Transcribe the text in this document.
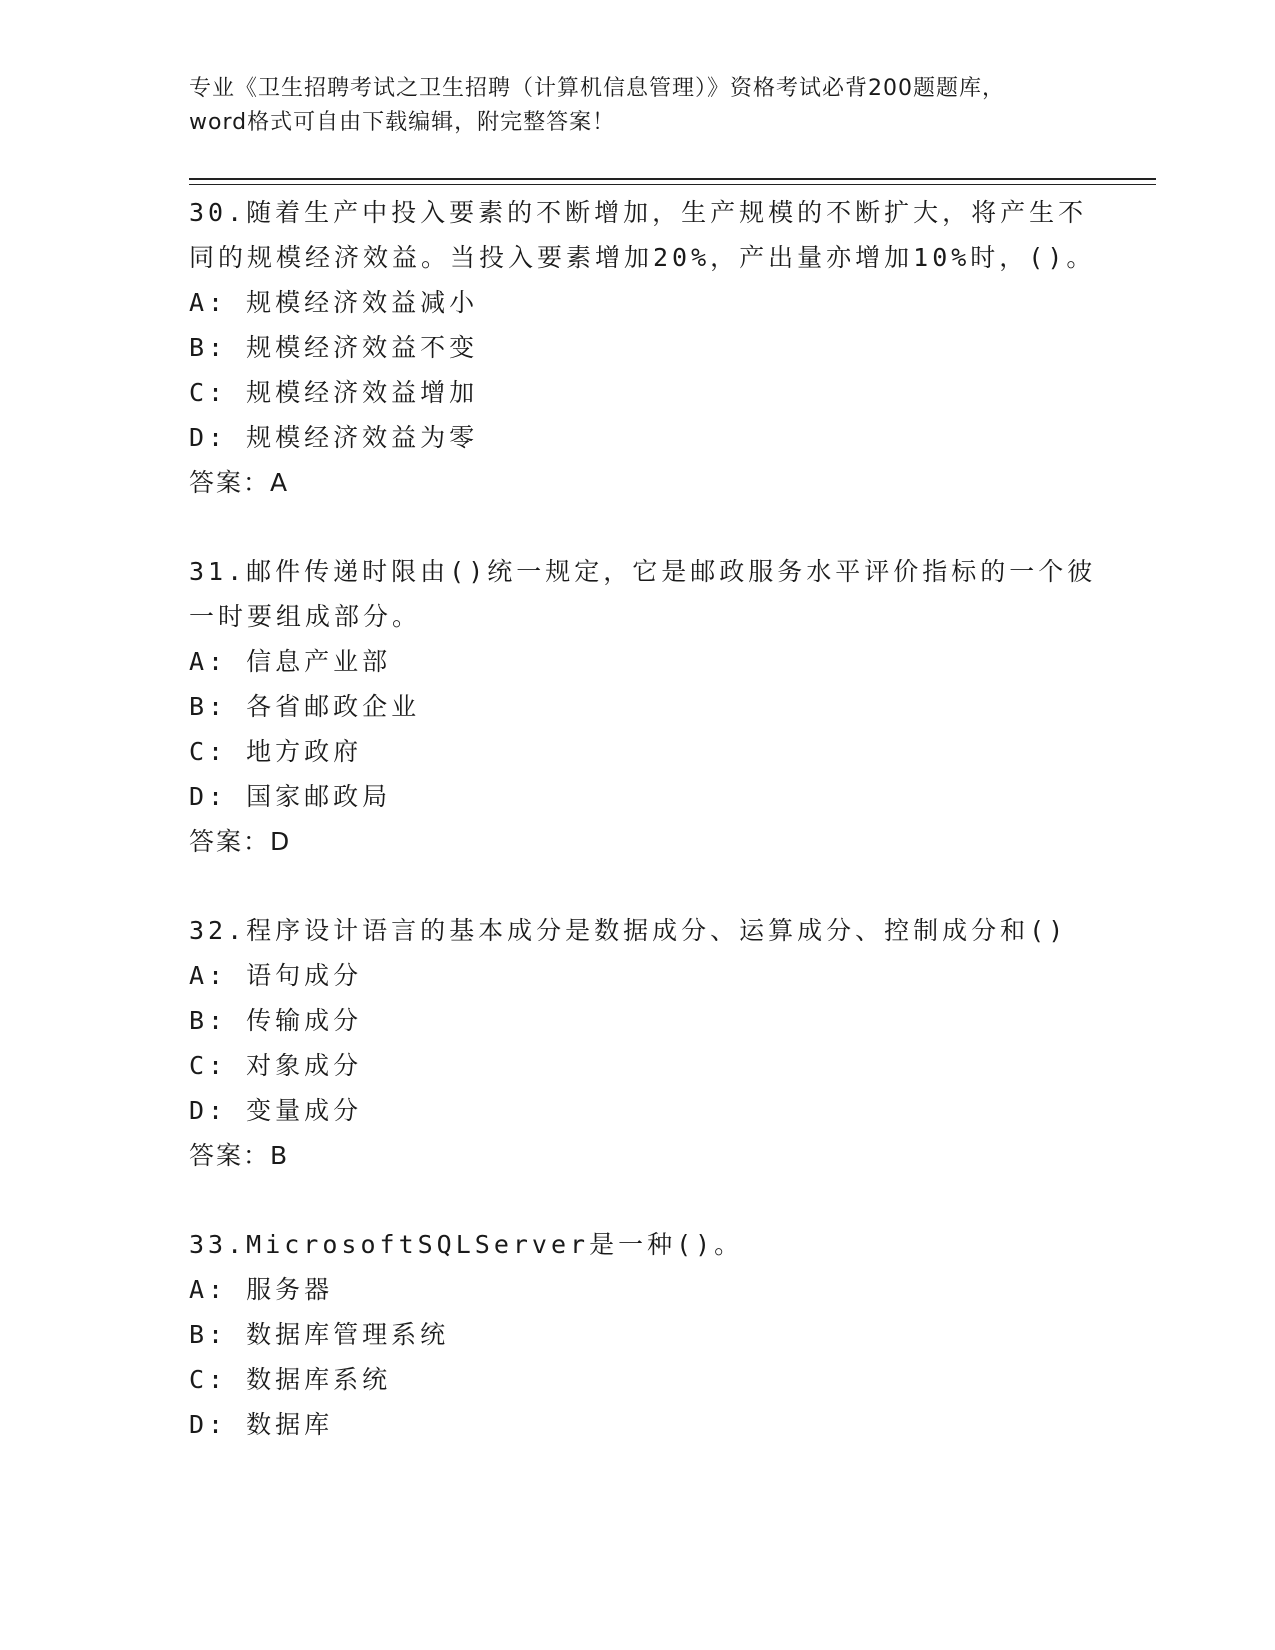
专业《卫生招聘考试之卫生招聘（计算机信息管理）》资格考试必背200题题库，

word格式可自由下载编辑，附完整答案！

30.随着生产中投入要素的不断增加，生产规模的不断扩大，将产生不
同的规模经济效益。当投入要素增加20%，产出量亦增加10%时，()。

A: 规模经济效益减小

B: 规模经济效益不变

C: 规模经济效益增加

D: 规模经济效益为零

答案：A

31.邮件传递时限由()统一规定，它是邮政服务水平评价指标的一个彼
一时要组成部分。

A: 信息产业部

B: 各省邮政企业

C: 地方政府

D: 国家邮政局

答案：D

32.程序设计语言的基本成分是数据成分、运算成分、控制成分和()

A: 语句成分

B: 传输成分

C: 对象成分

D: 变量成分

答案：B

33.MicrosoftSQLServer是一种()。

A: 服务器

B: 数据库管理系统

C: 数据库系统

D: 数据库
